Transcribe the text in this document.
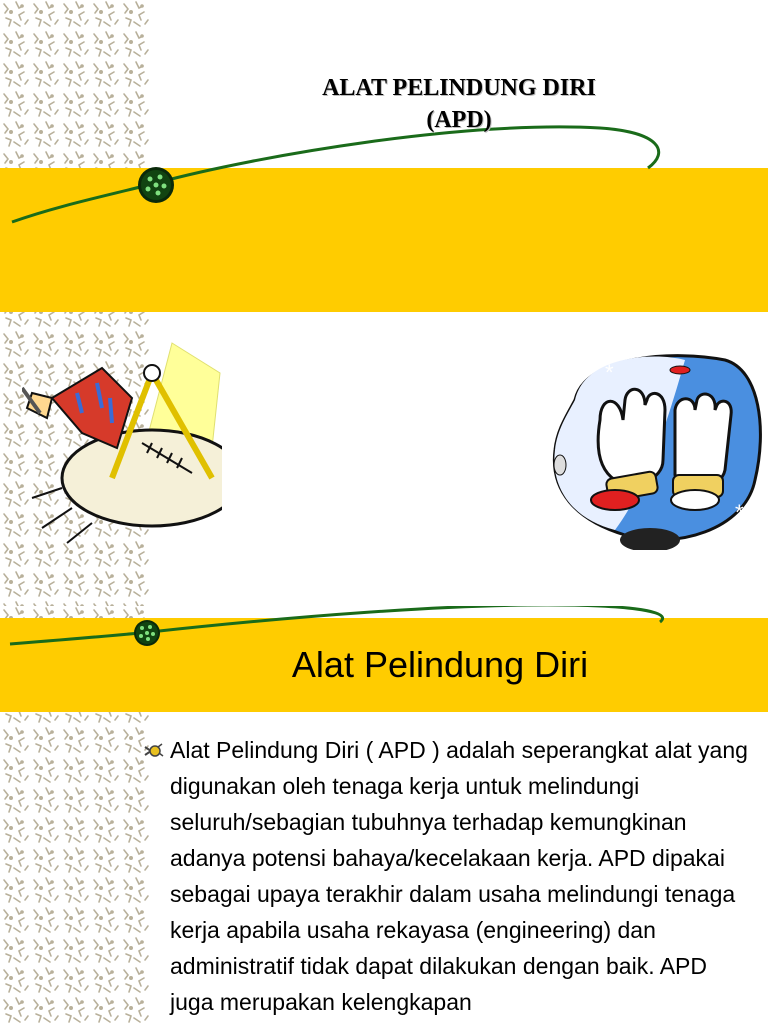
ALAT PELINDUNG DIRI
(APD)
*
*
Alat Pelindung Diri
Alat Pelindung Diri ( APD ) adalah seperangkat alat yang digunakan oleh tenaga kerja untuk melindungi seluruh/sebagian tubuhnya terhadap kemungkinan adanya potensi bahaya/kecelakaan kerja. APD dipakai sebagai upaya terakhir dalam usaha melindungi tenaga kerja apabila usaha rekayasa (engineering) dan administratif tidak dapat dilakukan dengan baik. APD juga merupakan kelengkapan
